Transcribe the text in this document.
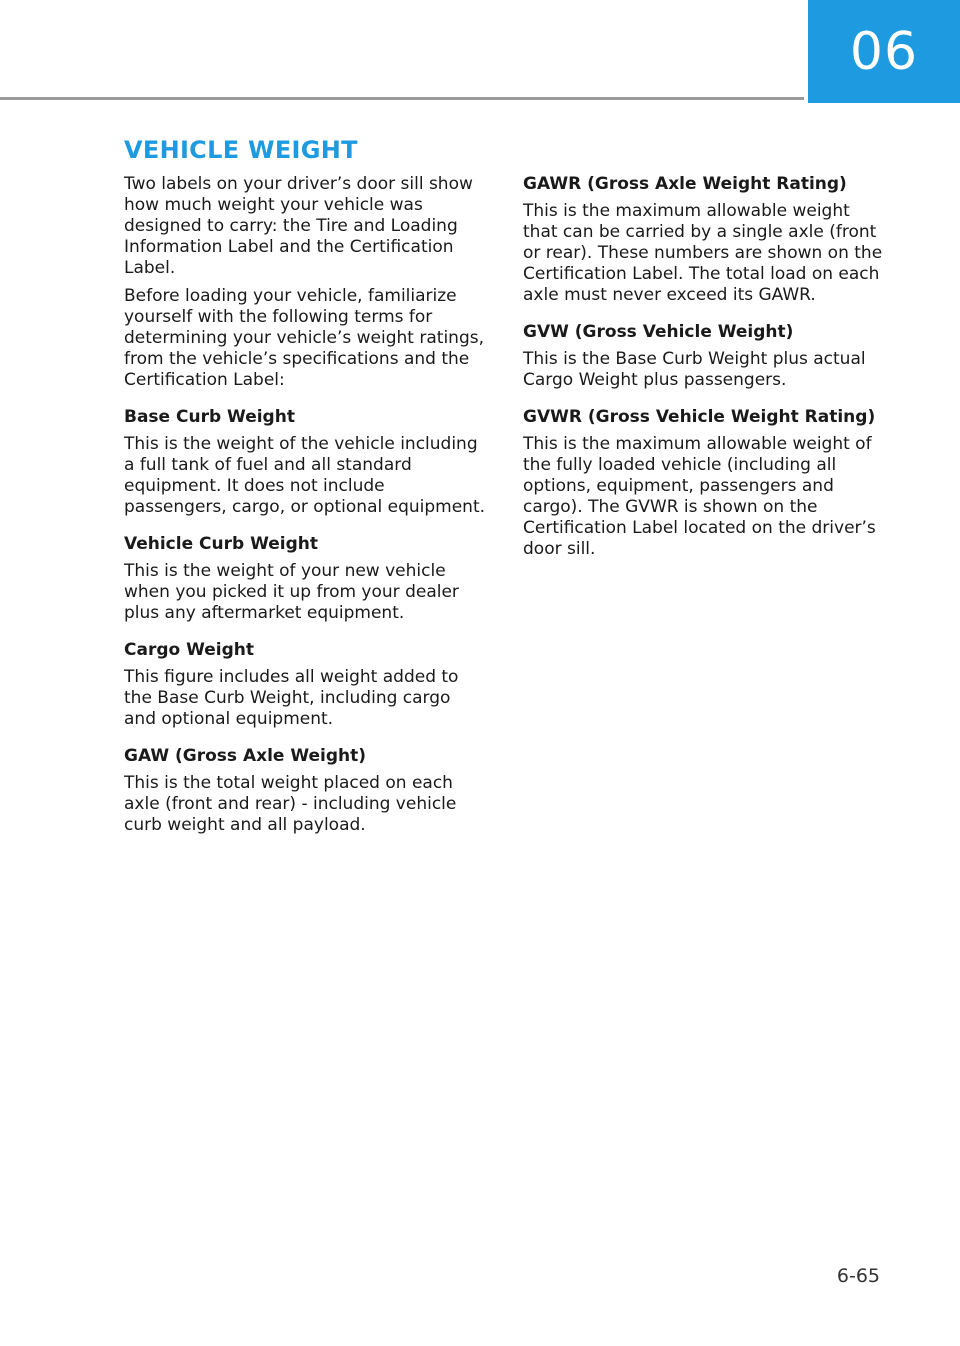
06
VEHICLE WEIGHT

Two labels on your driver’s door sill show how much weight your vehicle was designed to carry: the Tire and Loading Information Label and the Certification Label.

Before loading your vehicle, familiarize yourself with the following terms for determining your vehicle’s weight ratings, from the vehicle’s specifications and the Certification Label:

Base Curb Weight

This is the weight of the vehicle including a full tank of fuel and all standard equipment. It does not include passengers, cargo, or optional equipment.

Vehicle Curb Weight

This is the weight of your new vehicle when you picked it up from your dealer plus any aftermarket equipment.

Cargo Weight

This figure includes all weight added to the Base Curb Weight, including cargo and optional equipment.

GAW (Gross Axle Weight)

This is the total weight placed on each axle (front and rear) - including vehicle curb weight and all payload.

GAWR (Gross Axle Weight Rating)

This is the maximum allowable weight that can be carried by a single axle (front or rear). These numbers are shown on the Certification Label. The total load on each axle must never exceed its GAWR.

GVW (Gross Vehicle Weight)

This is the Base Curb Weight plus actual Cargo Weight plus passengers.

GVWR (Gross Vehicle Weight Rating)

This is the maximum allowable weight of the fully loaded vehicle (including all options, equipment, passengers and cargo). The GVWR is shown on the Certification Label located on the driver’s door sill.

6-65
